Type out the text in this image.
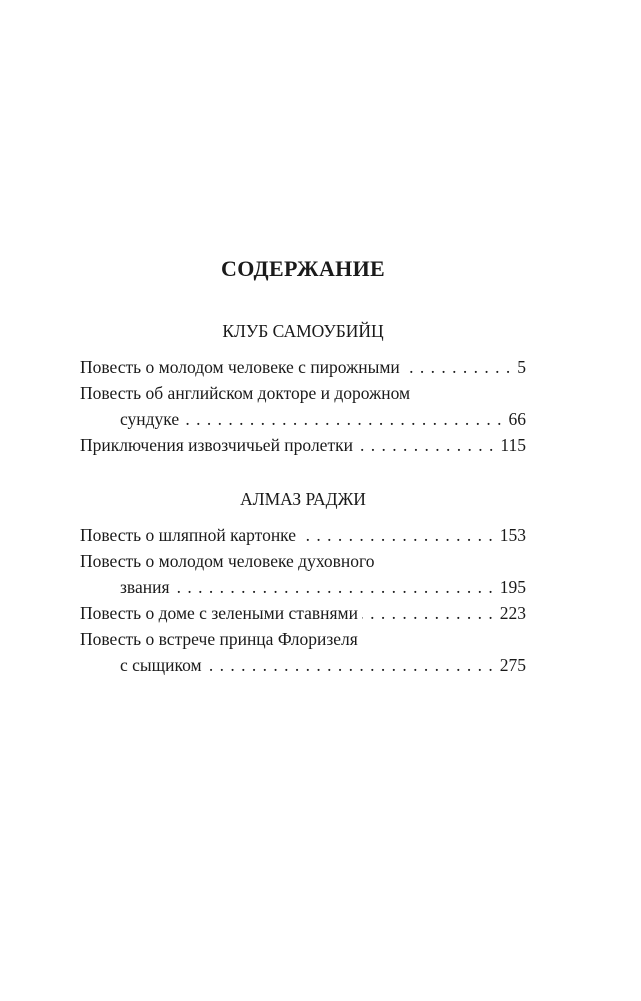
СОДЕРЖАНИЕ
КЛУБ САМОУБИЙЦ
Повесть о молодом человеке с пирожными . . .	5
Повесть об английском докторе и дорожном
сундуке . . .	66
Приключения извозчичьей пролетки . . .	115
АЛМАЗ РАДЖИ
Повесть о шляпной картонке . . .	153
Повесть о молодом человеке духовного
звания . . .	195
Повесть о доме с зелеными ставнями . . .	223
Повесть о встрече принца Флоризеля
с сыщиком . . .	275
